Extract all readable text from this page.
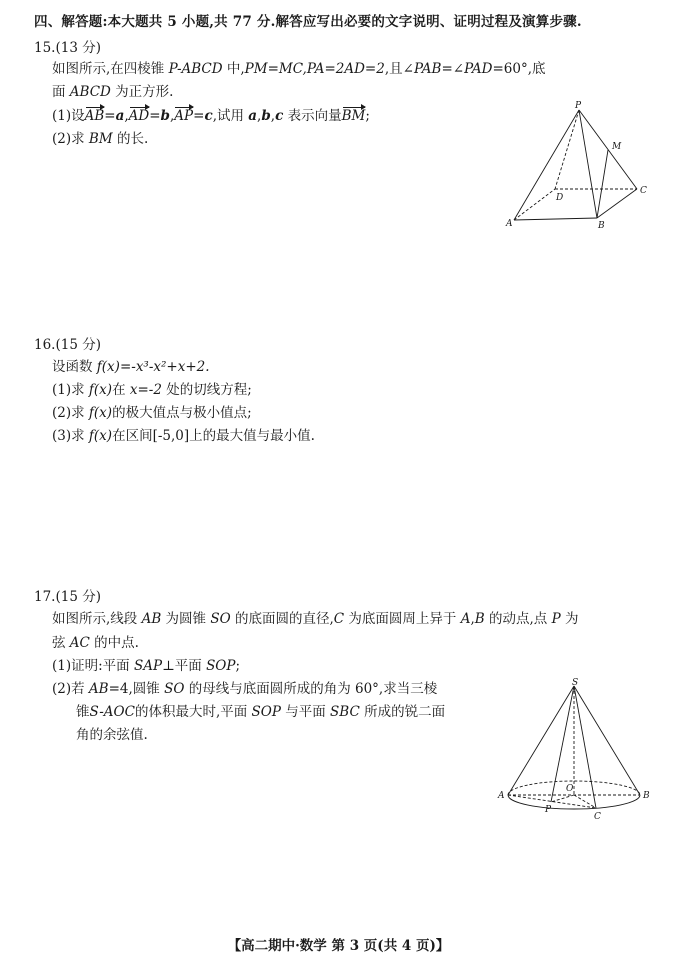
四、解答题:本大题共 5 小题,共 77 分.解答应写出必要的文字说明、证明过程及演算步骤.
15.(13 分)
如图所示,在四棱锥 P-ABCD 中,PM=MC,PA=2AD=2,且∠PAB=∠PAD=60°,底
面 ABCD 为正方形.
(1)设AB=a,AD=b,AP=c,试用 a,b,c 表示向量BM;
(2)求 BM 的长.
P
M
C
D
A	B
16.(15 分)
设函数 f(x)=-x³-x²+x+2.
(1)求 f(x)在 x=-2 处的切线方程;
(2)求 f(x)的极大值点与极小值点;
(3)求 f(x)在区间[-5,0]上的最大值与最小值.
17.(15 分)
如图所示,线段 AB 为圆锥 SO 的底面圆的直径,C 为底面圆周上异于 A,B 的动点,点 P 为
弦 AC 的中点.
(1)证明:平面 SAP⊥平面 SOP;
(2)若 AB=4,圆锥 SO 的母线与底面圆所成的角为 60°,求当三棱
锥S-AOC的体积最大时,平面 SOP 与平面 SBC 所成的锐二面
角的余弦值.
S
A
O
B
P
C
【高二期中·数学 第 3 页(共 4 页)】
